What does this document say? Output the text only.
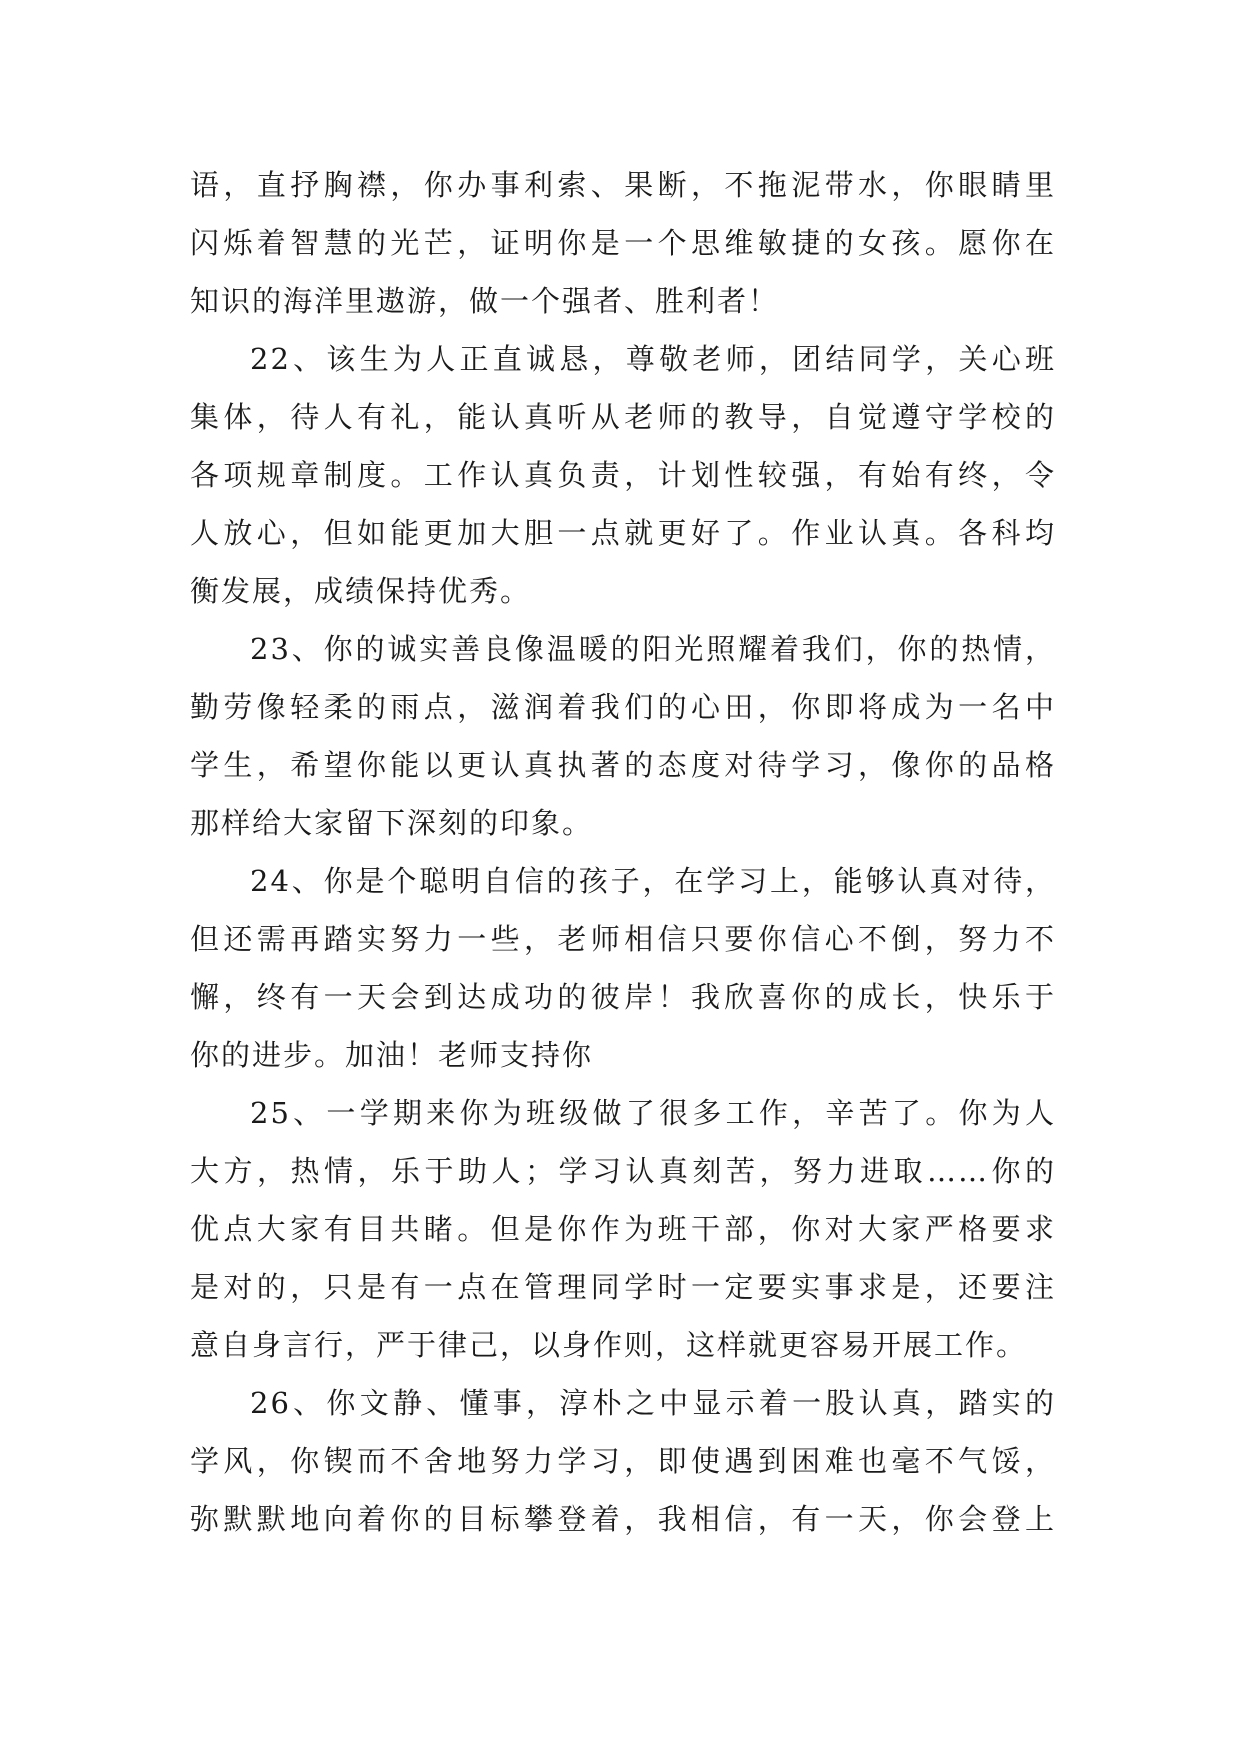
语，直抒胸襟，你办事利索、果断，不拖泥带水，你眼睛里
闪烁着智慧的光芒，证明你是一个思维敏捷的女孩。愿你在
知识的海洋里遨游，做一个强者、胜利者！
22、该生为人正直诚恳，尊敬老师，团结同学，关心班
集体，待人有礼，能认真听从老师的教导，自觉遵守学校的
各项规章制度。工作认真负责，计划性较强，有始有终，令
人放心，但如能更加大胆一点就更好了。作业认真。各科均
衡发展，成绩保持优秀。
23、你的诚实善良像温暖的阳光照耀着我们，你的热情，
勤劳像轻柔的雨点，滋润着我们的心田，你即将成为一名中
学生，希望你能以更认真执著的态度对待学习，像你的品格
那样给大家留下深刻的印象。
24、你是个聪明自信的孩子，在学习上，能够认真对待，
但还需再踏实努力一些，老师相信只要你信心不倒，努力不
懈，终有一天会到达成功的彼岸！我欣喜你的成长，快乐于
你的进步。加油！老师支持你
25、一学期来你为班级做了很多工作，辛苦了。你为人
大方，热情，乐于助人；学习认真刻苦，努力进取……你的
优点大家有目共睹。但是你作为班干部，你对大家严格要求
是对的，只是有一点在管理同学时一定要实事求是，还要注
意自身言行，严于律己，以身作则，这样就更容易开展工作。
26、你文静、懂事，淳朴之中显示着一股认真，踏实的
学风，你锲而不舍地努力学习，即使遇到困难也毫不气馁，
弥默默地向着你的目标攀登着，我相信，有一天，你会登上
